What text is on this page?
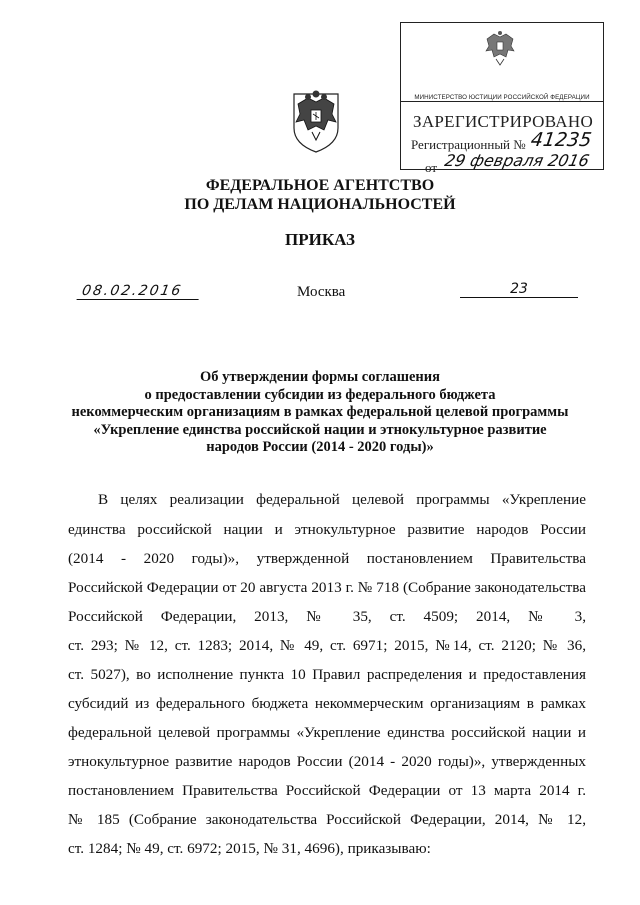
МИНИСТЕРСТВО ЮСТИЦИИ РОССИЙСКОЙ ФЕДЕРАЦИИ
ЗАРЕГИСТРИРОВАНО
Регистрационный № 41235
от 29 февраля 2016
ФЕДЕРАЛЬНОЕ АГЕНТСТВО
ПО ДЕЛАМ НАЦИОНАЛЬНОСТЕЙ
ПРИКАЗ
08.02.2016	Москва	23
Об утверждении формы соглашения
о предоставлении субсидии из федерального бюджета
некоммерческим организациям в рамках федеральной целевой программы
«Укрепление единства российской нации и этнокультурное развитие
народов России (2014 - 2020 годы)»
В целях реализации федеральной целевой программы «Укрепление
единства российской нации и этнокультурное развитие народов России
(2014 - 2020 годы)», утвержденной постановлением Правительства
Российской Федерации от 20 августа 2013 г. № 718 (Собрание законодательства
Российской Федерации, 2013, № 35, ст. 4509; 2014, № 3,
ст. 293; № 12, ст. 1283; 2014, № 49, ст. 6971; 2015, №14, ст. 2120; № 36,
ст. 5027), во исполнение пункта 10 Правил распределения и предоставления
субсидий из федерального бюджета некоммерческим организациям в рамках
федеральной целевой программы «Укрепление единства российской нации и
этнокультурное развитие народов России (2014 - 2020 годы)», утвержденных
постановлением Правительства Российской Федерации от 13 марта 2014 г.
№ 185 (Собрание законодательства Российской Федерации, 2014, № 12,
ст. 1284; № 49, ст. 6972; 2015, № 31, 4696), приказываю:
